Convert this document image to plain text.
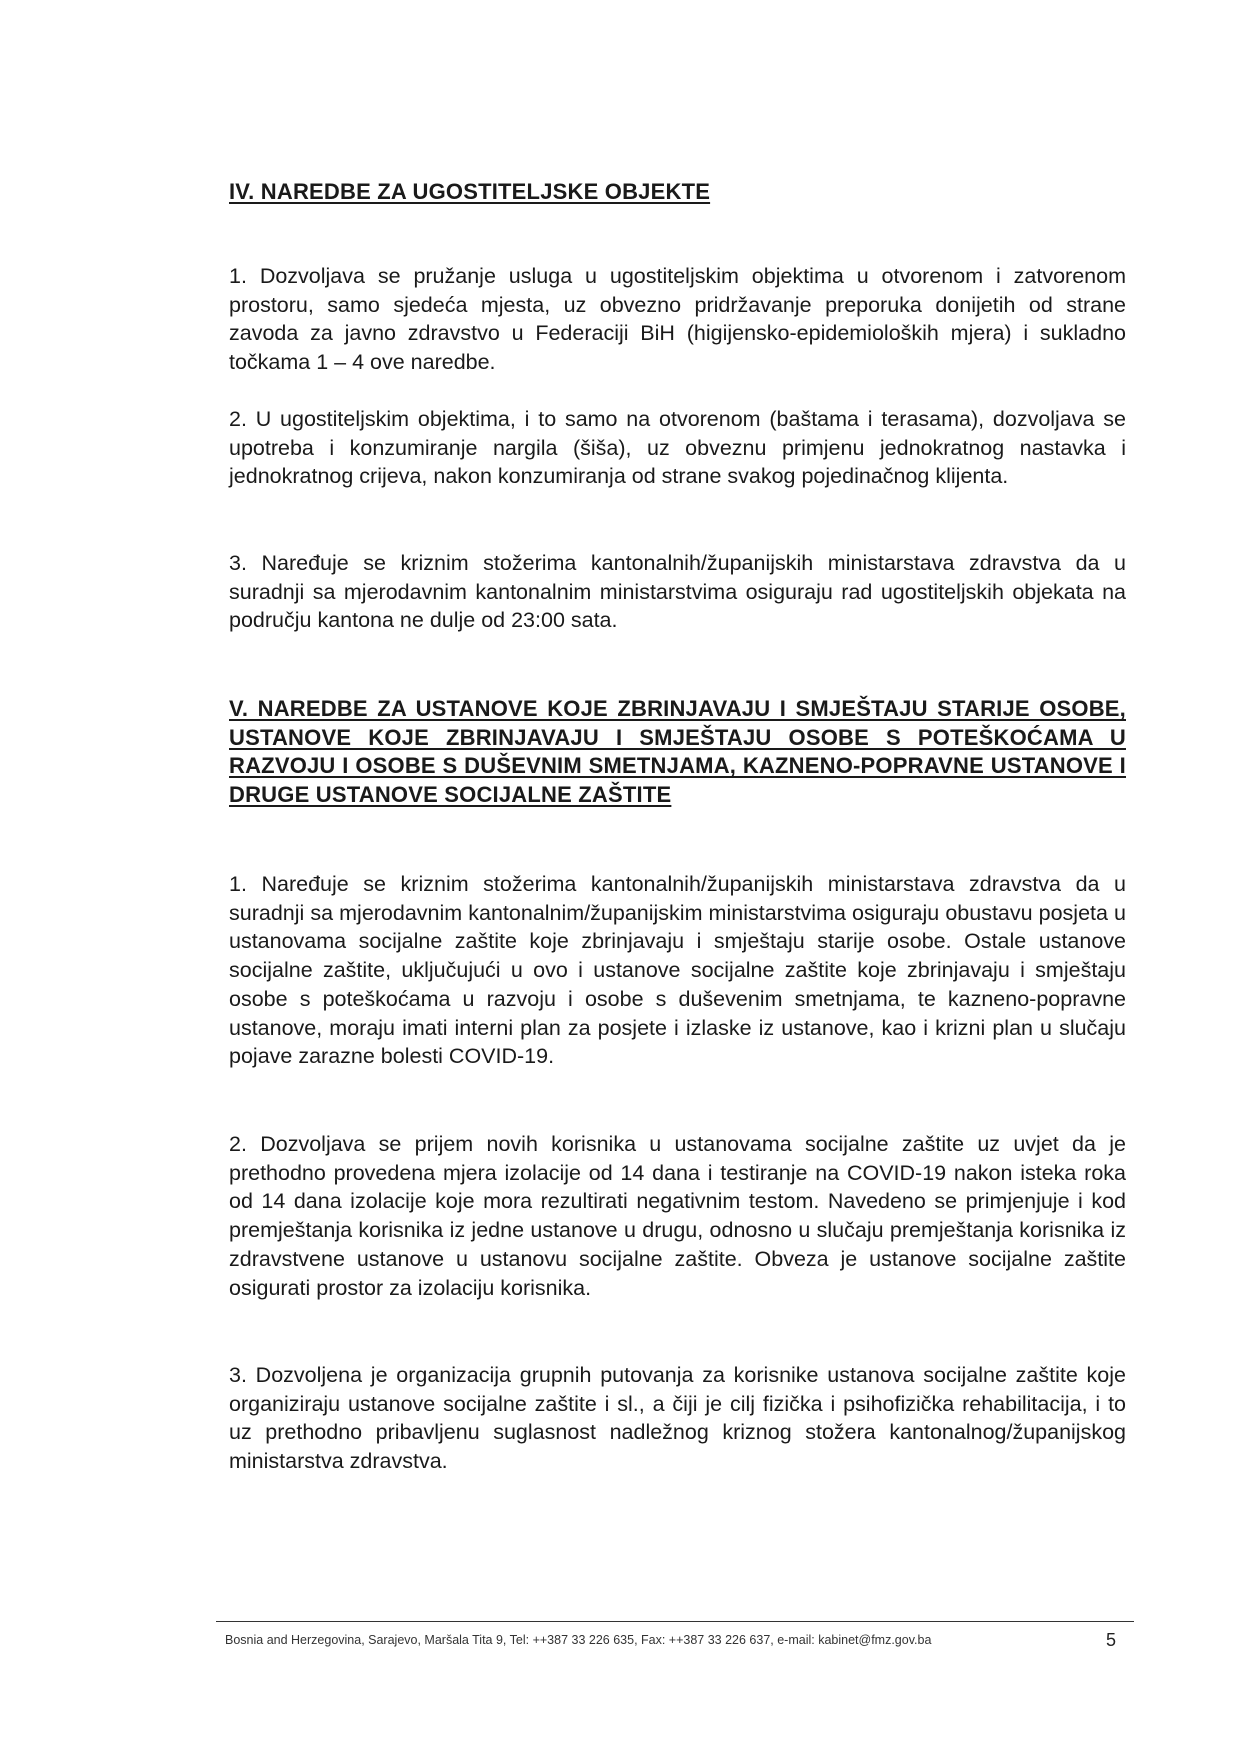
IV. NAREDBE ZA UGOSTITELJSKE OBJEKTE

1. Dozvoljava se pružanje usluga u ugostiteljskim objektima u otvorenom i zatvorenom prostoru, samo sjedeća mjesta, uz obvezno pridržavanje preporuka donijetih od strane zavoda za javno zdravstvo u Federaciji BiH (higijensko-epidemioloških mjera) i sukladno točkama 1 – 4 ove naredbe.

2. U ugostiteljskim objektima, i to samo na otvorenom (baštama i terasama), dozvoljava se upotreba i konzumiranje nargila (šiša), uz obveznu primjenu jednokratnog nastavka i jednokratnog crijeva, nakon konzumiranja od strane svakog pojedinačnog klijenta.

3. Naređuje se kriznim stožerima kantonalnih/županijskih ministarstava zdravstva da u suradnji sa mjerodavnim kantonalnim ministarstvima osiguraju rad ugostiteljskih objekata na području kantona ne dulje od 23:00 sata.

V. NAREDBE ZA USTANOVE KOJE ZBRINJAVAJU I SMJEŠTAJU STARIJE OSOBE, USTANOVE KOJE ZBRINJAVAJU I SMJEŠTAJU OSOBE S POTEŠKOĆAMA U RAZVOJU I OSOBE S DUŠEVNIM SMETNJAMA, KAZNENO-POPRAVNE USTANOVE I DRUGE USTANOVE SOCIJALNE ZAŠTITE

1. Naređuje se kriznim stožerima kantonalnih/županijskih ministarstava zdravstva da u suradnji sa mjerodavnim kantonalnim/županijskim ministarstvima osiguraju obustavu posjeta u ustanovama socijalne zaštite koje zbrinjavaju i smještaju starije osobe. Ostale ustanove socijalne zaštite, uključujući u ovo i ustanove socijalne zaštite koje zbrinjavaju i smještaju osobe s poteškoćama u razvoju i osobe s duševenim smetnjama, te kazneno-popravne ustanove, moraju imati interni plan za posjete i izlaske iz ustanove, kao i krizni plan u slučaju pojave zarazne bolesti COVID-19.

2. Dozvoljava se prijem novih korisnika u ustanovama socijalne zaštite uz uvjet da je prethodno provedena mjera izolacije od 14 dana i testiranje na COVID-19 nakon isteka roka od 14 dana izolacije koje mora rezultirati negativnim testom. Navedeno se primjenjuje i kod premještanja korisnika iz jedne ustanove u drugu, odnosno u slučaju premještanja korisnika iz zdravstvene ustanove u ustanovu socijalne zaštite. Obveza je ustanove socijalne zaštite osigurati prostor za izolaciju korisnika.

3. Dozvoljena je organizacija grupnih putovanja za korisnike ustanova socijalne zaštite koje organiziraju ustanove socijalne zaštite i sl., a čiji je cilj fizička i psihofizička rehabilitacija, i to uz prethodno pribavljenu suglasnost nadležnog kriznog stožera kantonalnog/županijskog ministarstva zdravstva.

Bosnia and Herzegovina, Sarajevo, Maršala Tita 9, Tel: ++387 33 226 635, Fax: ++387 33 226 637, e-mail: kabinet@fmz.gov.ba	5
